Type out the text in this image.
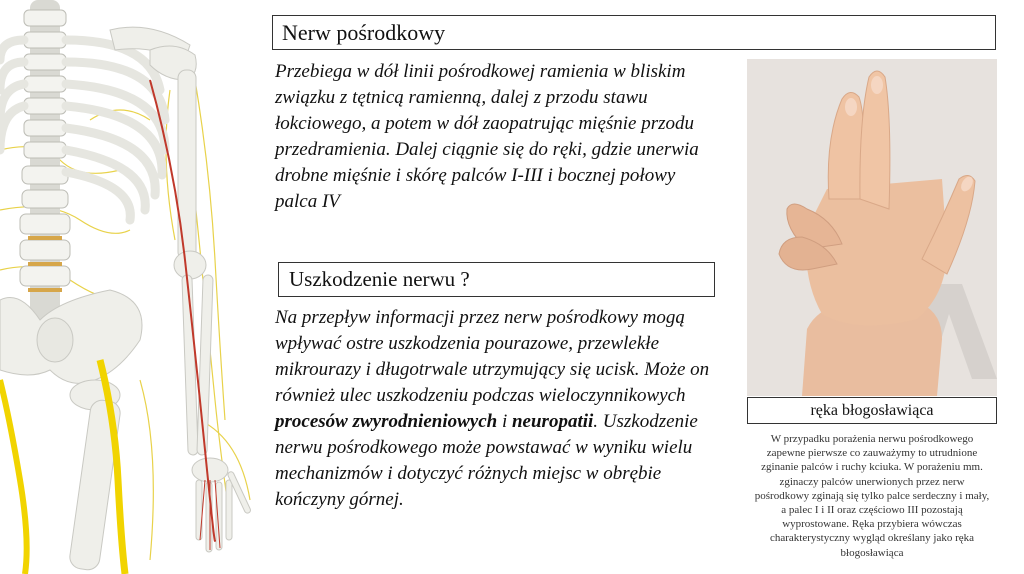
Nerw pośrodkowy

Przebiega w dół linii pośrodkowej ramienia w bliskim związku z tętnicą ramienną, dalej z przodu stawu łokciowego, a potem w dół zaopatrując mięśnie przodu przedramienia. Dalej ciągnie się do ręki, gdzie unerwia drobne mięśnie i skórę palców I-III i bocznej połowy palca IV

Uszkodzenie nerwu ?

Na przepływ informacji przez nerw pośrodkowy mogą wpływać ostre uszkodzenia pourazowe, przewlekłe mikrourazy i długotrwale utrzymujący się ucisk. Może on również ulec uszkodzeniu podczas wieloczynnikowych procesów zwyrodnieniowych i neuropatii. Uszkodzenie nerwu pośrodkowego może powstawać w wyniku wielu mechanizmów i dotyczyć różnych miejsc w obrębie kończyny górnej.

ręka błogosławiąca
W przypadku porażenia nerwu pośrodkowego zapewne pierwsze co zauważymy to utrudnione zginanie palców i ruchy kciuka. W porażeniu mm. zginaczy palców unerwionych przez nerw pośrodkowy zginają się tylko palce serdeczny i mały, a palec I i II oraz częściowo III pozostają wyprostowane. Ręka przybiera wówczas charakterystyczny wygląd określany jako ręka błogosławiąca
